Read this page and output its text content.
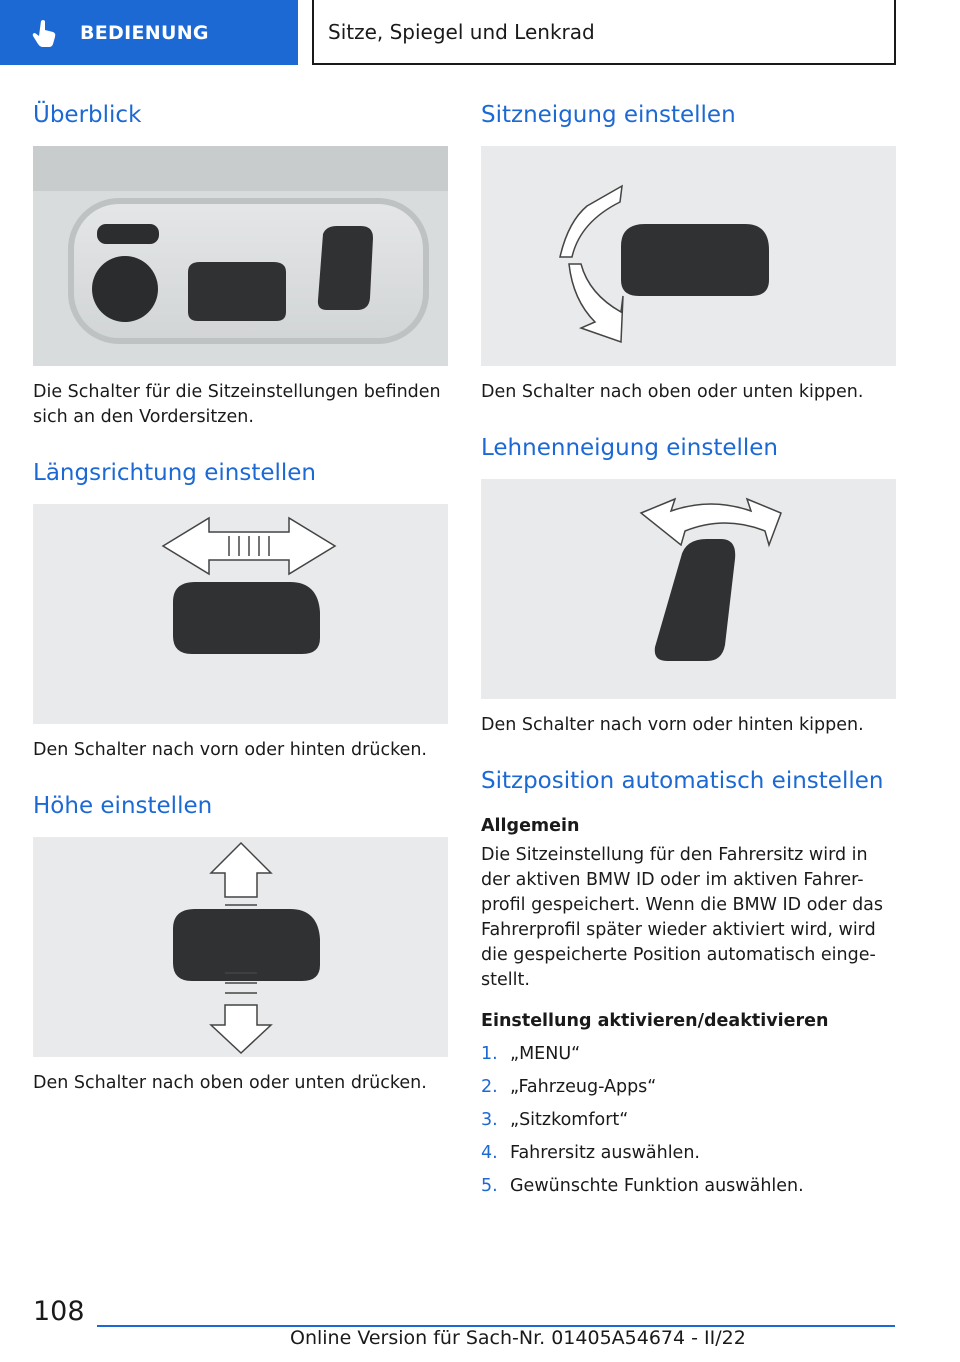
BEDIENUNG	Sitze, Spiegel und Lenkrad
Überblick

Die Schalter für die Sitzeinstellungen befinden sich an den Vordersitzen.

Längsrichtung einstellen

Den Schalter nach vorn oder hinten drücken.

Höhe einstellen

Den Schalter nach oben oder unten drücken.

Sitzneigung einstellen

Den Schalter nach oben oder unten kippen.

Lehnenneigung einstellen

Den Schalter nach vorn oder hinten kippen.

Sitzposition automatisch einstellen
Allgemein

Die Sitzeinstellung für den Fahrersitz wird in der aktiven BMW ID oder im aktiven Fahrer-profil gespeichert. Wenn die BMW ID oder das Fahrerprofil später wieder aktiviert wird, wird die gespeicherte Position automatisch einge-stellt.

Einstellung aktivieren/deaktivieren
1. „MENU“
2. „Fahrzeug-Apps“
3. „Sitzkomfort“
4. Fahrersitz auswählen.
5. Gewünschte Funktion auswählen.
108
Online Version für Sach-Nr. 01405A54674 - II/22
